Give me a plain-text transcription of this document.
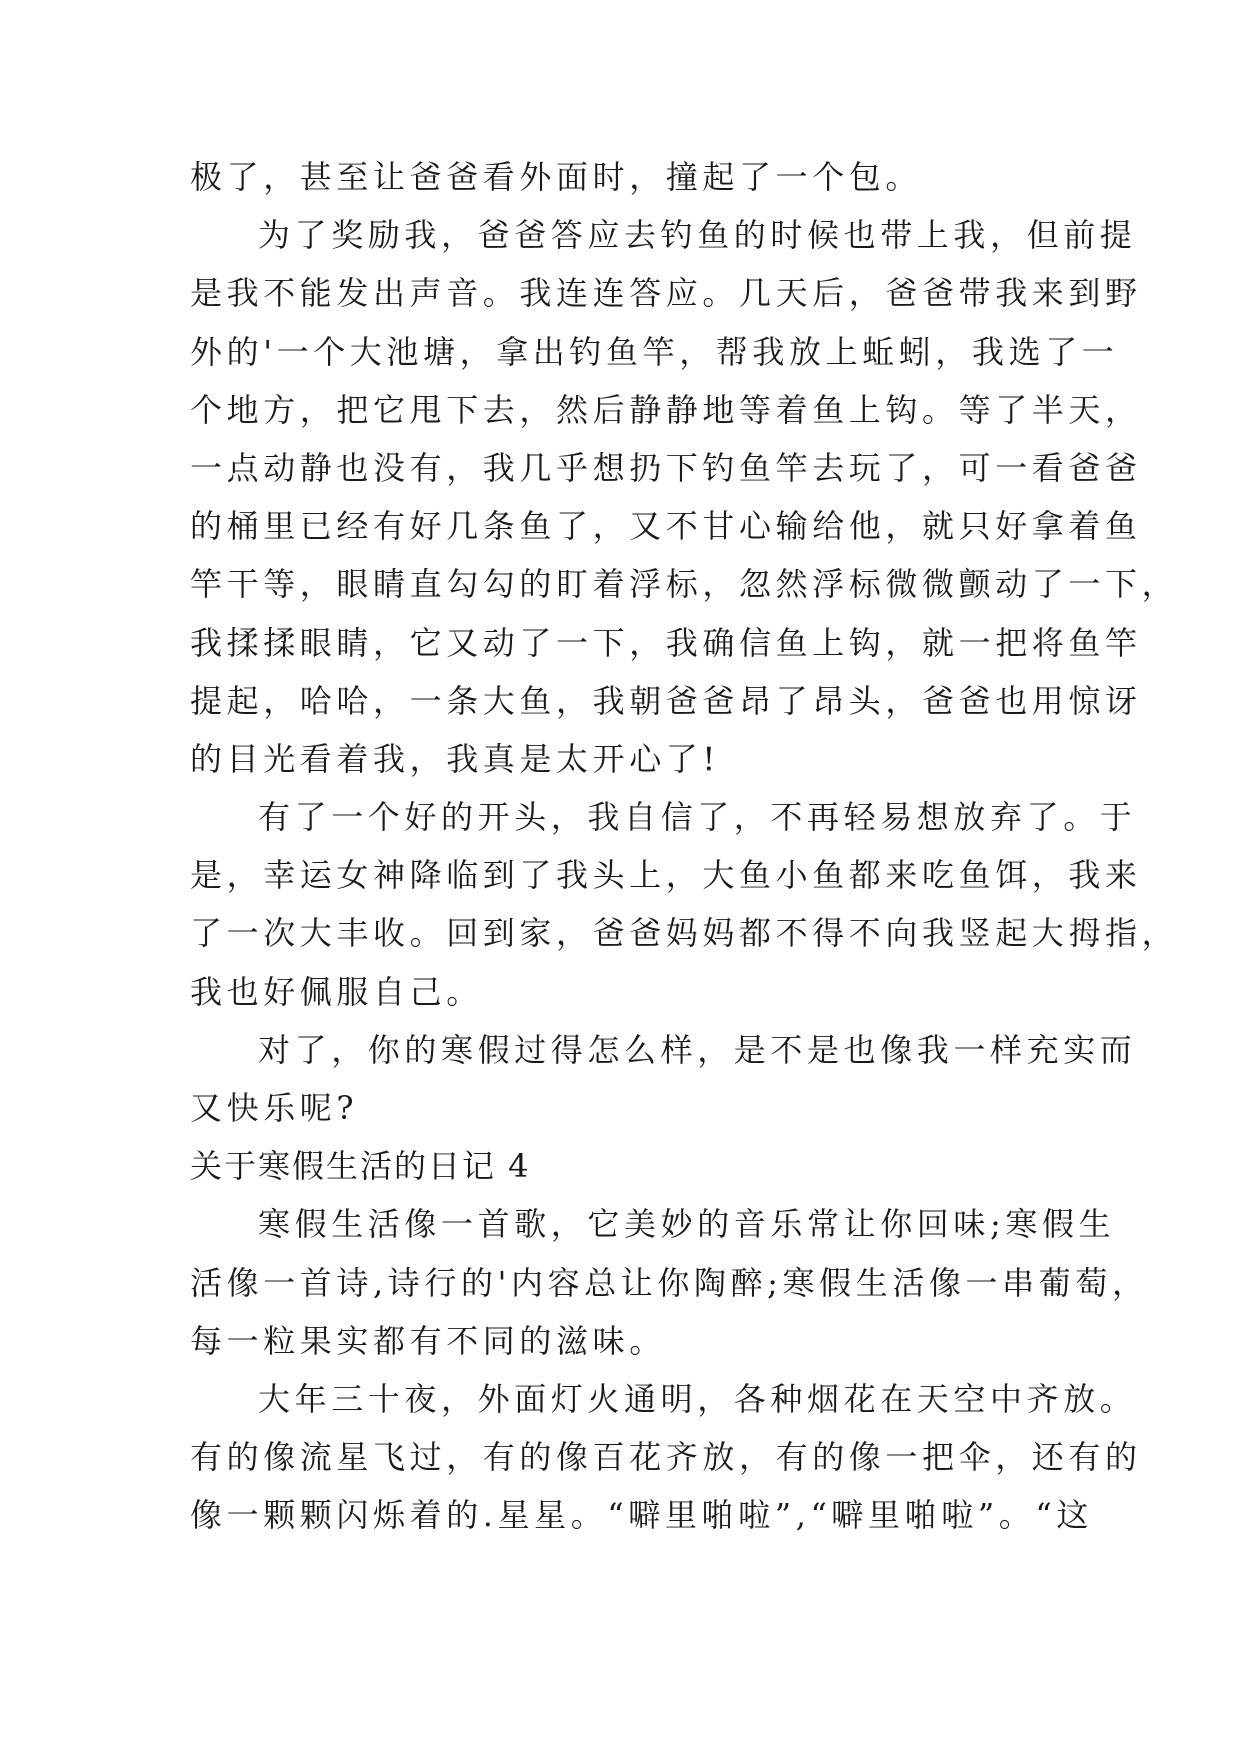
极了，甚至让爸爸看外面时，撞起了一个包。
为了奖励我，爸爸答应去钓鱼的时候也带上我，但前提
是我不能发出声音。我连连答应。几天后，爸爸带我来到野
外的'一个大池塘，拿出钓鱼竿，帮我放上蚯蚓，我选了一
个地方，把它甩下去，然后静静地等着鱼上钩。等了半天，
一点动静也没有，我几乎想扔下钓鱼竿去玩了，可一看爸爸
的桶里已经有好几条鱼了，又不甘心输给他，就只好拿着鱼
竿干等，眼睛直勾勾的盯着浮标，忽然浮标微微颤动了一下，
我揉揉眼睛，它又动了一下，我确信鱼上钩，就一把将鱼竿
提起，哈哈，一条大鱼，我朝爸爸昂了昂头，爸爸也用惊讶
的目光看着我，我真是太开心了!
有了一个好的开头，我自信了，不再轻易想放弃了。于
是，幸运女神降临到了我头上，大鱼小鱼都来吃鱼饵，我来
了一次大丰收。回到家，爸爸妈妈都不得不向我竖起大拇指，
我也好佩服自己。
对了，你的寒假过得怎么样，是不是也像我一样充实而
又快乐呢?
关于寒假生活的日记 4
寒假生活像一首歌，它美妙的音乐常让你回味;寒假生
活像一首诗,诗行的'内容总让你陶醉;寒假生活像一串葡萄，
每一粒果实都有不同的滋味。
大年三十夜，外面灯火通明，各种烟花在天空中齐放。
有的像流星飞过，有的像百花齐放，有的像一把伞，还有的
像一颗颗闪烁着的.星星。“噼里啪啦”,“噼里啪啦”。“这
